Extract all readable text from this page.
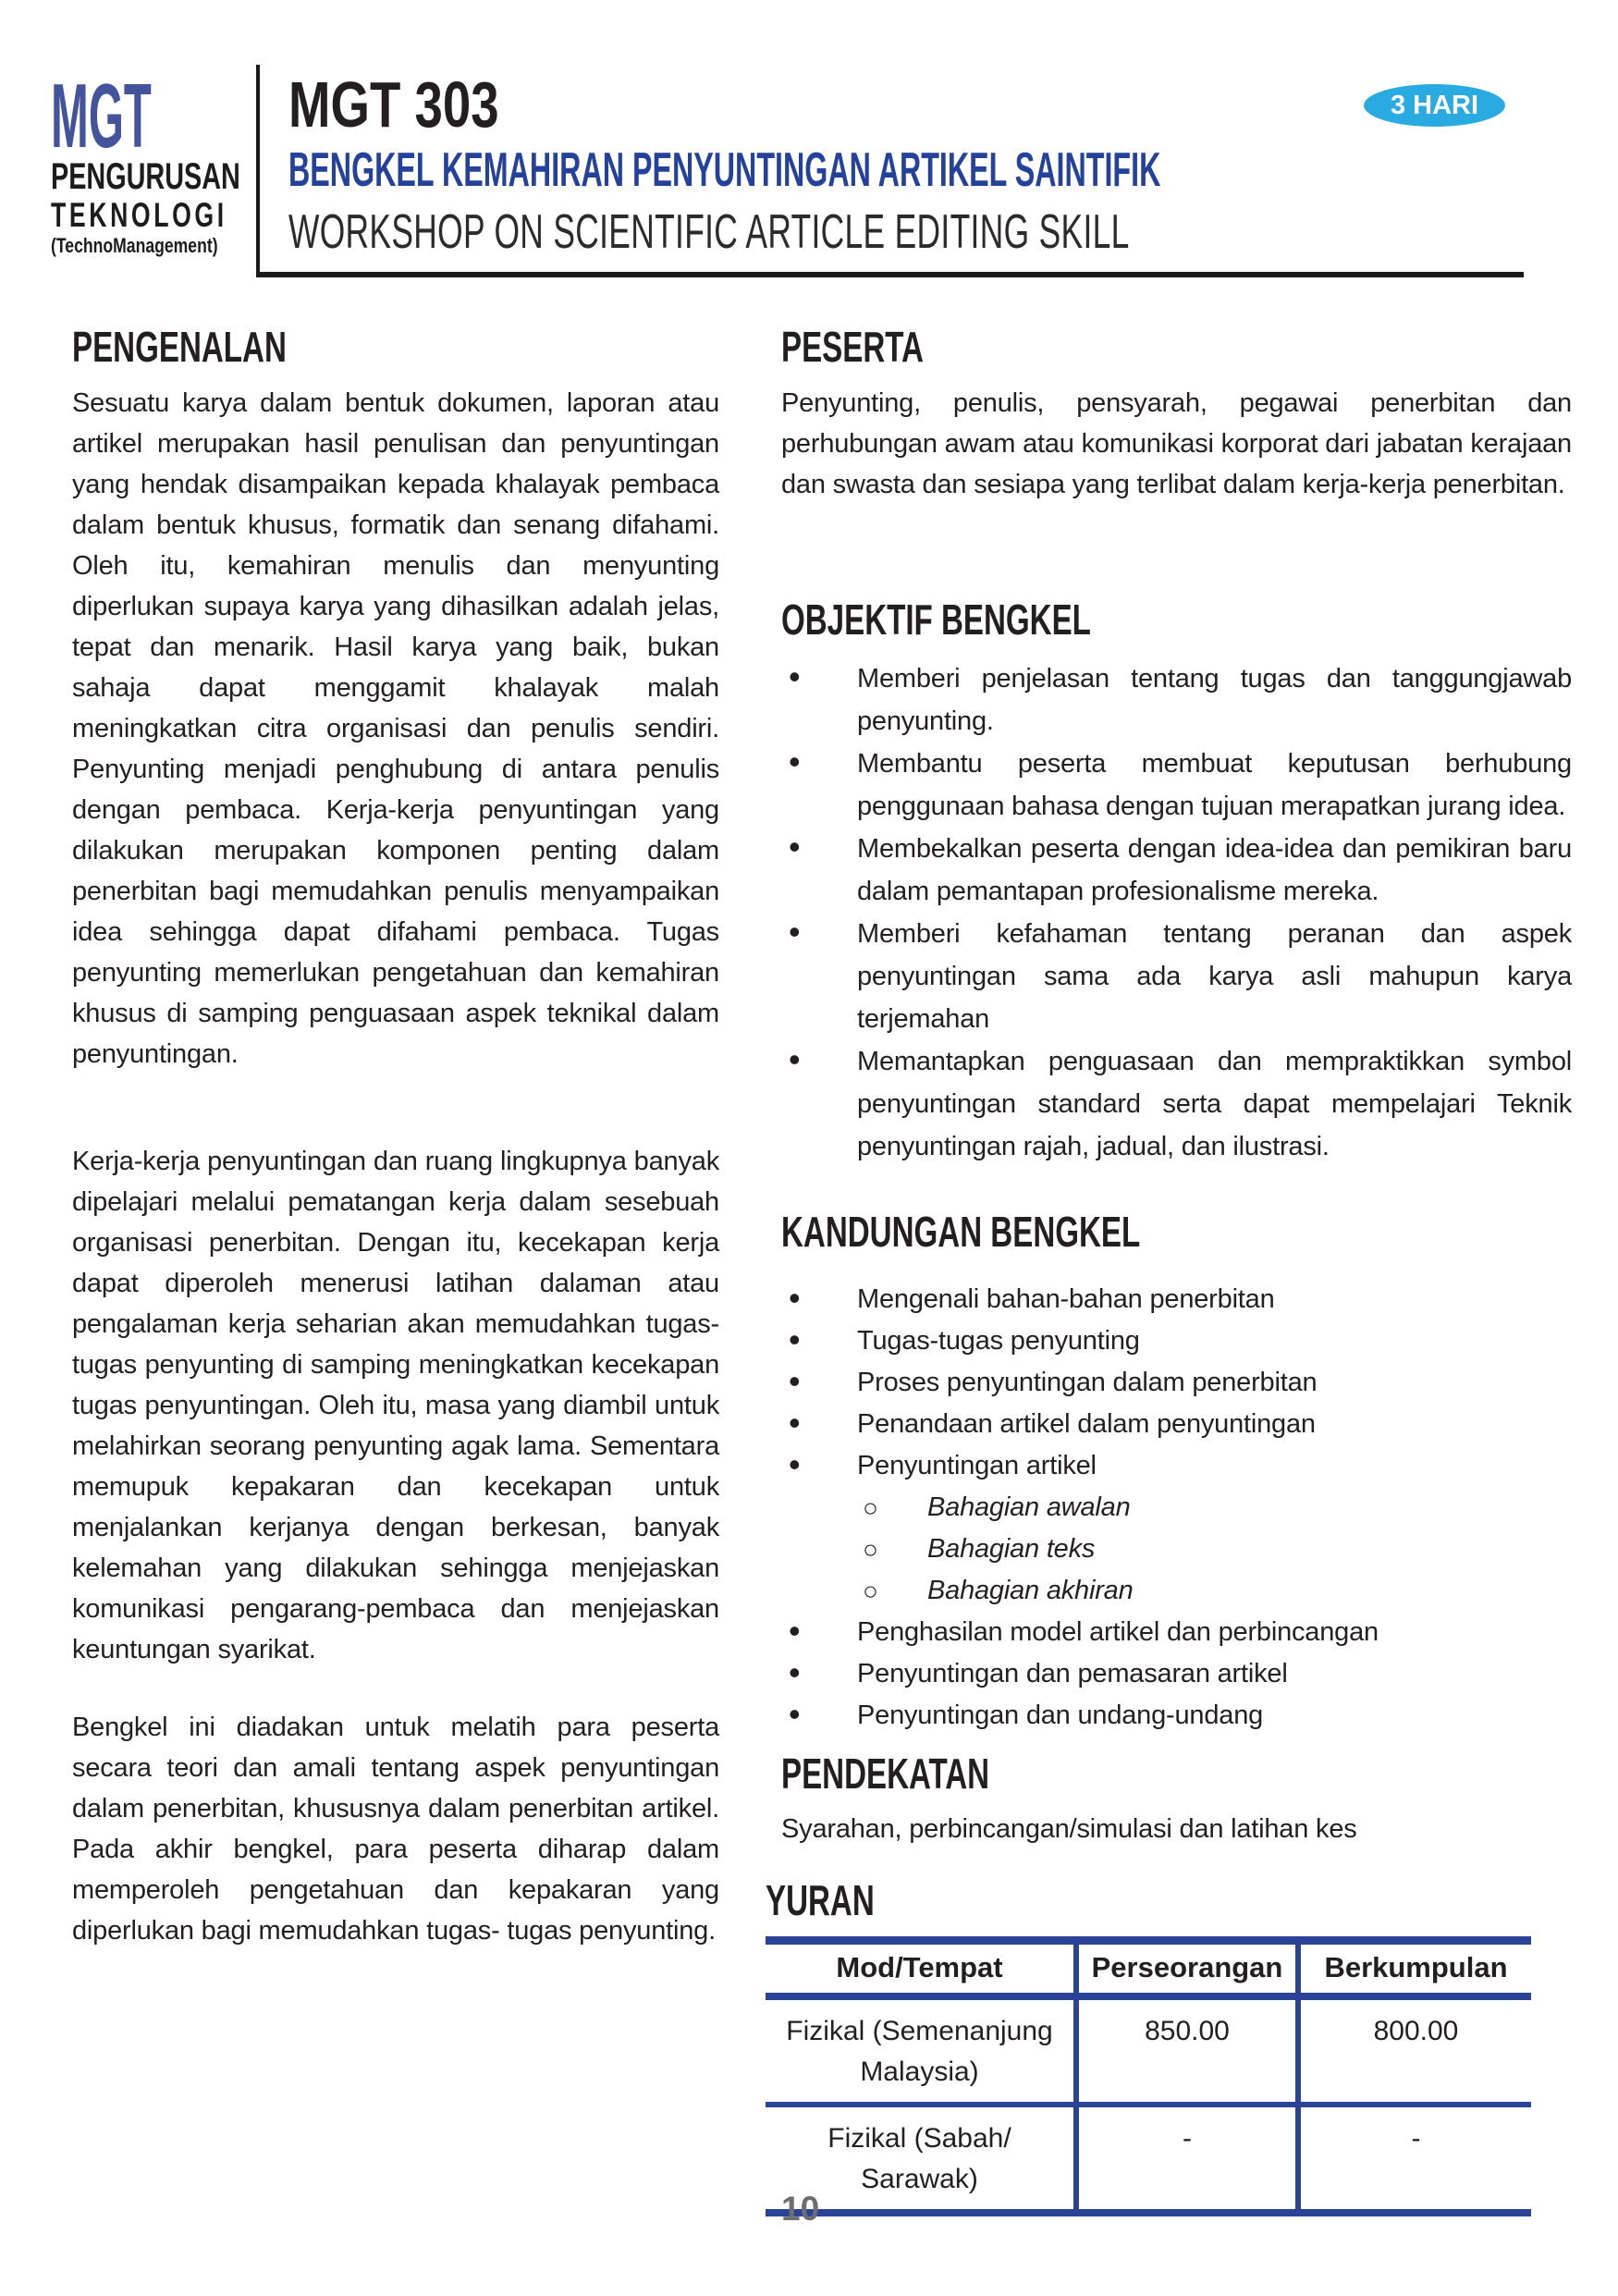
MGT
PENGURUSAN
TEKNOLOGI
(TechnoManagement)
MGT 303
BENGKEL KEMAHIRAN PENYUNTINGAN ARTIKEL SAINTIFIK
WORKSHOP ON SCIENTIFIC ARTICLE EDITING SKILL
3 HARI
PENGENALAN

Sesuatu karya dalam bentuk dokumen, laporan atau artikel merupakan hasil penulisan dan penyuntingan yang hendak disampaikan kepada khalayak pembaca dalam bentuk khusus, formatik dan senang difahami. Oleh itu, kemahiran menulis dan menyunting diperlukan supaya karya yang dihasilkan adalah jelas, tepat dan menarik. Hasil karya yang baik, bukan sahaja dapat menggamit khalayak malah meningkatkan citra organisasi dan penulis sendiri. Penyunting menjadi penghubung di antara penulis dengan pembaca. Kerja-kerja penyuntingan yang dilakukan merupakan komponen penting dalam penerbitan bagi memudahkan penulis menyampaikan idea sehingga dapat difahami pembaca. Tugas penyunting memerlukan pengetahuan dan kemahiran khusus di samping penguasaan aspek teknikal dalam penyuntingan.

Kerja-kerja penyuntingan dan ruang lingkupnya banyak dipelajari melalui pematangan kerja dalam sesebuah organisasi penerbitan. Dengan itu, kecekapan kerja dapat diperoleh menerusi latihan dalaman atau pengalaman kerja seharian akan memudahkan tugas-tugas penyunting di samping meningkatkan kecekapan tugas penyuntingan. Oleh itu, masa yang diambil untuk melahirkan seorang penyunting agak lama. Sementara memupuk kepakaran dan kecekapan untuk menjalankan kerjanya dengan berkesan, banyak kelemahan yang dilakukan sehingga menjejaskan komunikasi pengarang-pembaca dan menjejaskan keuntungan syarikat.

Bengkel ini diadakan untuk melatih para peserta secara teori dan amali tentang aspek penyuntingan dalam penerbitan, khususnya dalam penerbitan artikel. Pada akhir bengkel, para peserta diharap dalam memperoleh pengetahuan dan kepakaran yang diperlukan bagi memudahkan tugas- tugas penyunting.

PESERTA

Penyunting, penulis, pensyarah, pegawai penerbitan dan perhubungan awam atau komunikasi korporat dari jabatan kerajaan dan swasta dan sesiapa yang terlibat dalam kerja-kerja penerbitan.

OBJEKTIF BENGKEL
• Memberi penjelasan tentang tugas dan tanggungjawab penyunting.
• Membantu peserta membuat keputusan berhubung penggunaan bahasa dengan tujuan merapatkan jurang idea.
• Membekalkan peserta dengan idea-idea dan pemikiran baru dalam pemantapan profesionalisme mereka.
• Memberi kefahaman tentang peranan dan aspek penyuntingan sama ada karya asli mahupun karya terjemahan
• Memantapkan penguasaan dan mempraktikkan symbol penyuntingan standard serta dapat mempelajari Teknik penyuntingan rajah, jadual, dan ilustrasi.
KANDUNGAN BENGKEL
• Mengenali bahan-bahan penerbitan
• Tugas-tugas penyunting
• Proses penyuntingan dalam penerbitan
• Penandaan artikel dalam penyuntingan
• Penyuntingan artikel
○ Bahagian awalan
○ Bahagian teks
○ Bahagian akhiran
• Penghasilan model artikel dan perbincangan
• Penyuntingan dan pemasaran artikel
• Penyuntingan dan undang-undang
PENDEKATAN

Syarahan, perbincangan/simulasi dan latihan kes

YURAN
Mod/Tempat	Perseorangan	Berkumpulan
Fizikal (Semenanjung Malaysia)	850.00	800.00
Fizikal (Sabah/ Sarawak)	-	-
10
